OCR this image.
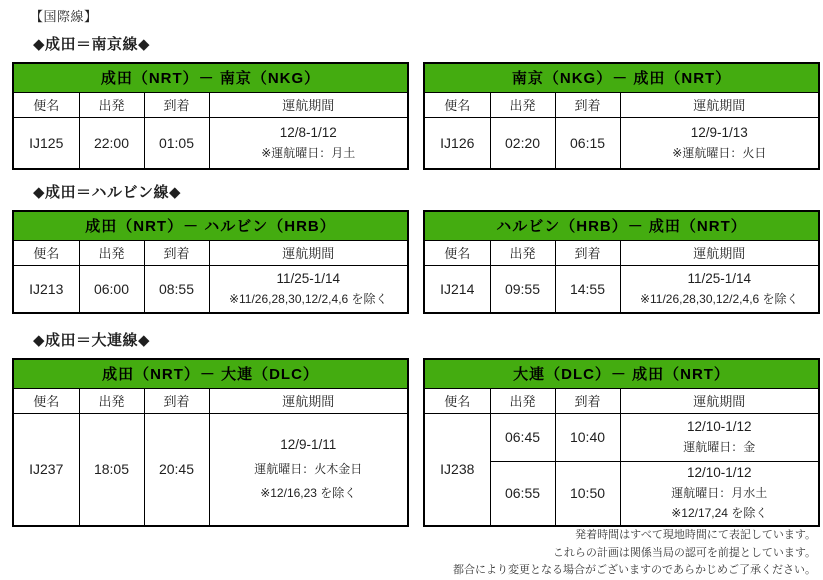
【国際線】
◆成田＝南京線◆
成田（NRT）－ 南京（NKG）			
便名	出発	到着	運航期間
IJ125	22:00	01:05	12/8-1/12
※運航曜日：月土
南京（NKG）－ 成田（NRT）			
便名	出発	到着	運航期間
IJ126	02:20	06:15	12/9-1/13
※運航曜日：火日
◆成田＝ハルビン線◆
成田（NRT）－ ハルビン（HRB）			
便名	出発	到着	運航期間
IJ213	06:00	08:55	11/25-1/14
※11/26,28,30,12/2,4,6 を除く
ハルビン（HRB）－ 成田（NRT）			
便名	出発	到着	運航期間
IJ214	09:55	14:55	11/25-1/14
※11/26,28,30,12/2,4,6 を除く
◆成田＝大連線◆
成田（NRT）－ 大連（DLC）			
便名	出発	到着	運航期間
IJ237	18:05	20:45	12/9-1/11
運航曜日：火木金日
※12/16,23 を除く
大連（DLC）－ 成田（NRT）			
便名	出発	到着	運航期間
IJ238	06:45	10:40	12/10-1/12
運航曜日：金

	06:55	10:50	12/10-1/12
運航曜日：月水土
※12/17,24 を除く
発着時間はすべて現地時間にて表記しています。
これらの計画は関係当局の認可を前提としています。
都合により変更となる場合がございますのであらかじめご了承ください。
